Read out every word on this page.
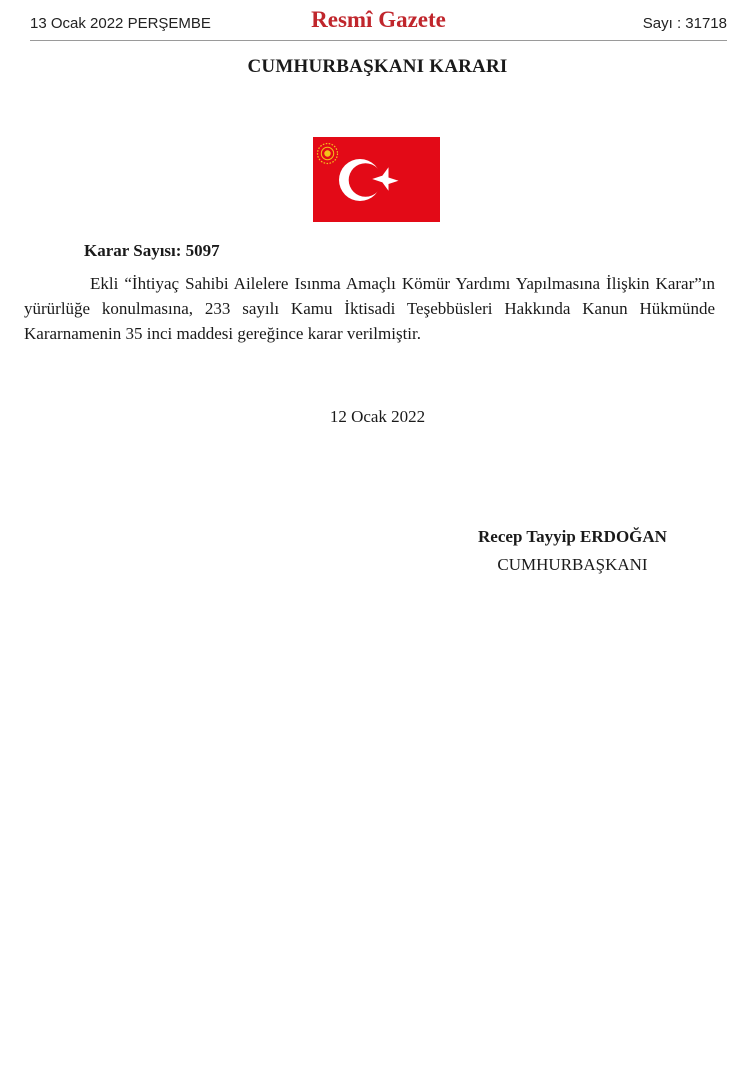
13 Ocak 2022 PERŞEMBE	Resmî Gazete	Sayı : 31718
CUMHURBAŞKANI KARARI
Karar Sayısı: 5097

Ekli “İhtiyaç Sahibi Ailelere Isınma Amaçlı Kömür Yardımı Yapılmasına İlişkin Karar”ın yürürlüğe konulmasına, 233 sayılı Kamu İktisadi Teşebbüsleri Hakkında Kanun Hükmünde Kararnamenin 35 inci maddesi gereğince karar verilmiştir.

12 Ocak 2022
Recep Tayyip ERDOĞAN
CUMHURBAŞKANI
